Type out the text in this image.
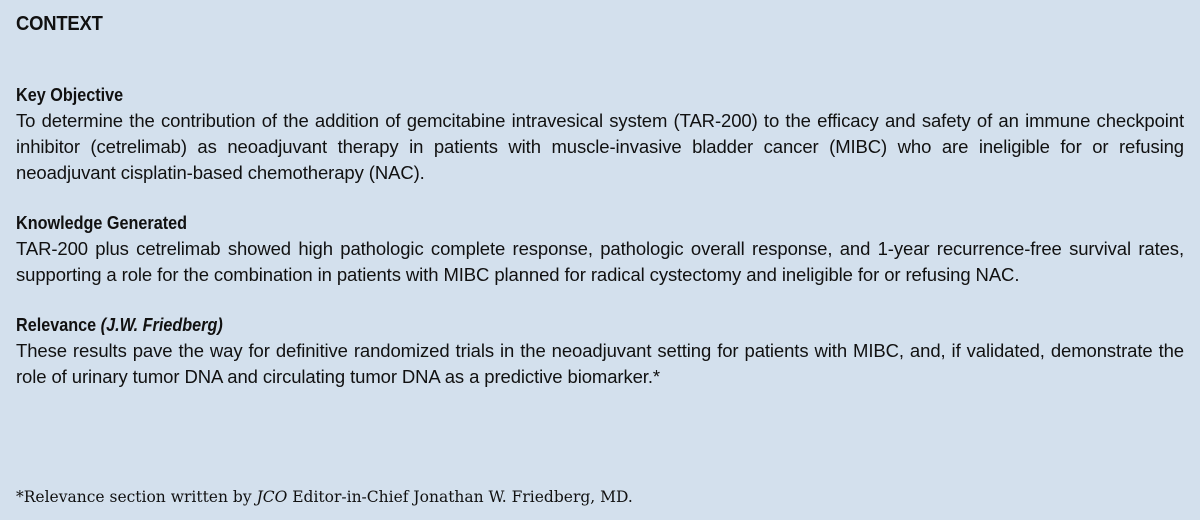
CONTEXT
Key Objective
To determine the contribution of the addition of gemcitabine intravesical system (TAR-200) to the efficacy and safety of an immune checkpoint inhibitor (cetrelimab) as neoadjuvant therapy in patients with muscle-invasive bladder cancer (MIBC) who are ineligible for or refusing neoadjuvant cisplatin-based chemotherapy (NAC).
Knowledge Generated
TAR-200 plus cetrelimab showed high pathologic complete response, pathologic overall response, and 1-year recurrence-free survival rates, supporting a role for the combination in patients with MIBC planned for radical cystectomy and ineligible for or refusing NAC.
Relevance (J.W. Friedberg)
These results pave the way for definitive randomized trials in the neoadjuvant setting for patients with MIBC, and, if validated, demonstrate the role of urinary tumor DNA and circulating tumor DNA as a predictive biomarker.*
*Relevance section written by JCO Editor-in-Chief Jonathan W. Friedberg, MD.
